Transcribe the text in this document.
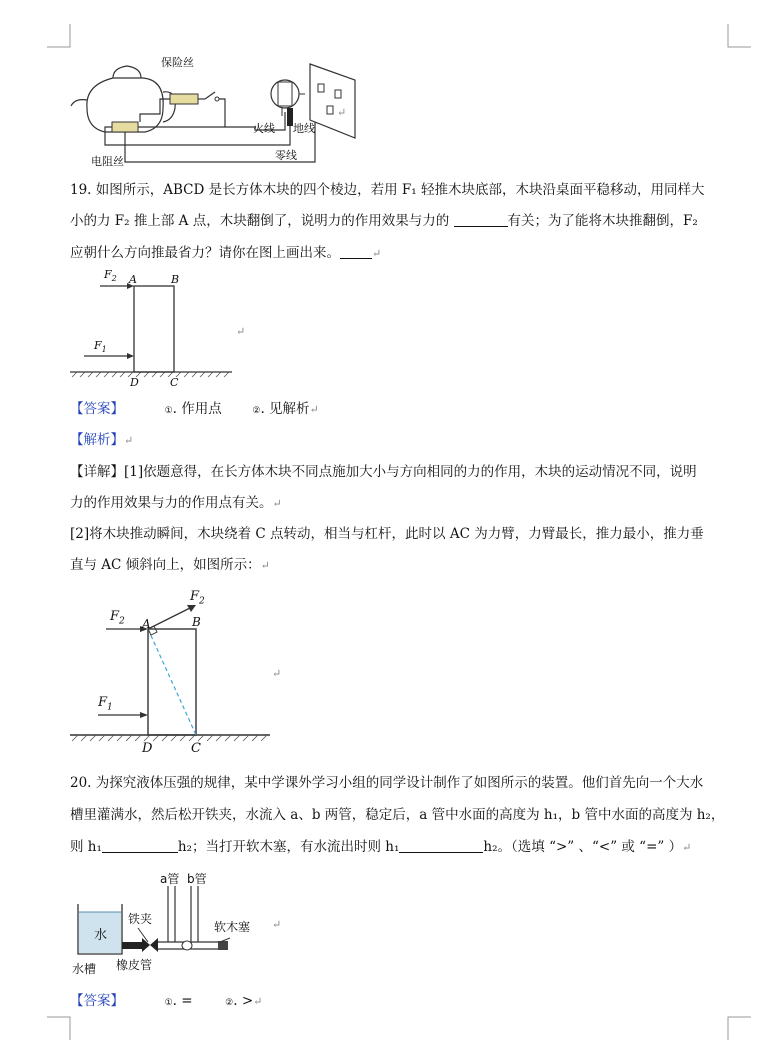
保险丝
电阻丝
火线 地线
零线
↵
19. 如图所示，ABCD 是长方体木块的四个棱边，若用 F₁ 轻推木块底部，木块沿桌面平稳移动，用同样大
小的力 F₂ 推上部 A 点，木块翻倒了，说明力的作用效果与力的	有关；为了能将木块推翻倒，F₂
应朝什么方向推最省力？请你在图上画出来。	↵
$F_2$ A	B
$F_1$
D	C
↵
【答案】	①. 作用点	②. 见解析↵
【解析】↵
【详解】[1]依题意得，在长方体木块不同点施加大小与方向相同的力的作用，木块的运动情况不同，说明
力的作用效果与力的作用点有关。↵
[2]将木块推动瞬间，木块绕着 C 点转动，相当与杠杆，此时以 AC 为力臂，力臂最长，推力最小，推力垂
直与 AC 倾斜向上，如图所示：↵
$F_2$
$F_2$
A	B
$F_1$
D	C
↵
20. 为探究液体压强的规律，某中学课外学习小组的同学设计制作了如图所示的装置。他们首先向一个大水
槽里灌满水，然后松开铁夹，水流入 a、b 两管，稳定后，a 管中水面的高度为 h₁，b 管中水面的高度为 h₂，
则 h₁	h₂；当打开软木塞，有水流出时则 h₁	h₂。（选填 “>” 、“<” 或 “=” ）↵
a管 b管
铁夹
软木塞
水
水槽 橡皮管
↵
【答案】	①. =	②. >↵
